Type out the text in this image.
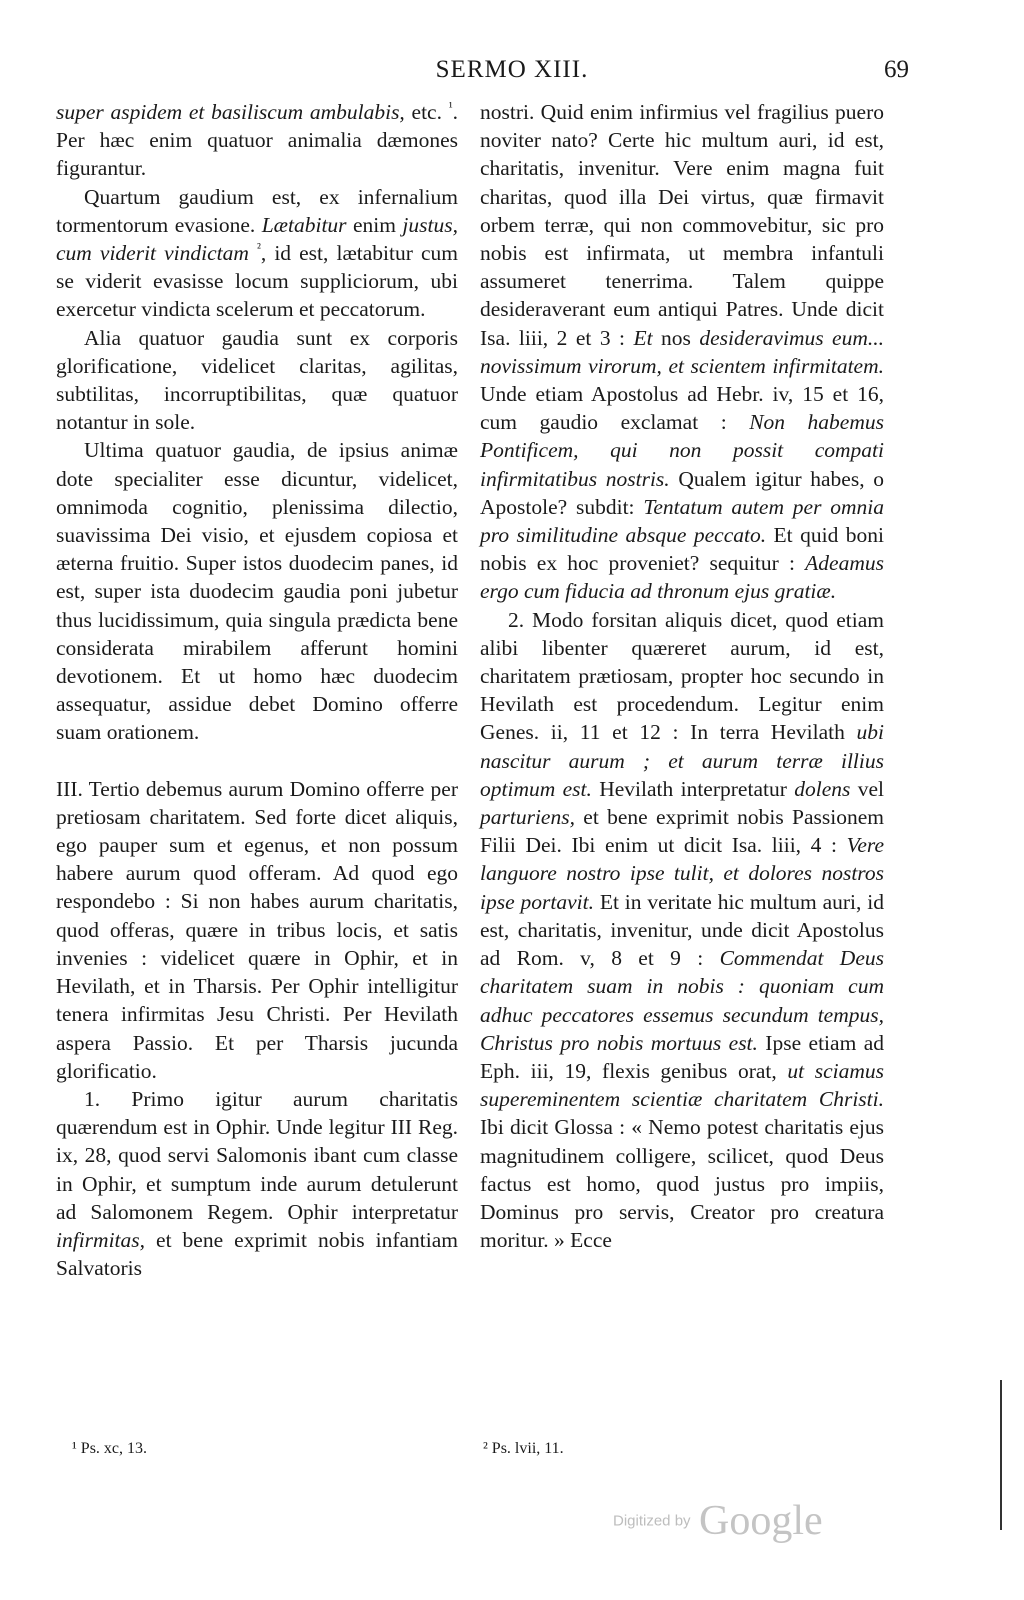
SERMO XIII.	69

super aspidem et basiliscum ambulabis, etc. $^{^1}$. Per hæc enim quatuor animalia dæmones figurantur.

Quartum gaudium est, ex infernalium tormentorum evasione. Lætabitur enim justus, cum viderit vindictam $^{^2}$, id est, lætabitur cum se viderit evasisse locum suppliciorum, ubi exercetur vindicta scelerum et peccatorum.

Alia quatuor gaudia sunt ex corporis glorificatione, videlicet claritas, agilitas, subtilitas, incorruptibilitas, quæ quatuor notantur in sole.

Ultima quatuor gaudia, de ipsius animæ dote specialiter esse dicuntur, videlicet, omnimoda cognitio, plenissima dilectio, suavissima Dei visio, et ejusdem copiosa et æterna fruitio. Super istos duodecim panes, id est, super ista duodecim gaudia poni jubetur thus lucidissimum, quia singula prædicta bene considerata mirabilem afferunt homini devotionem. Et ut homo hæc duodecim assequatur, assidue debet Domino offerre suam orationem.

III. Tertio debemus aurum Domino offerre per pretiosam charitatem. Sed forte dicet aliquis, ego pauper sum et egenus, et non possum habere aurum quod offeram. Ad quod ego respondebo : Si non habes aurum charitatis, quod offeras, quære in tribus locis, et satis invenies : videlicet quære in Ophir, et in Hevilath, et in Tharsis. Per Ophir intelligitur tenera infirmitas Jesu Christi. Per Hevilath aspera Passio. Et per Tharsis jucunda glorificatio.

1. Primo igitur aurum charitatis quærendum est in Ophir. Unde legitur III Reg. ix, 28, quod servi Salomonis ibant cum classe in Ophir, et sumptum inde aurum detulerunt ad Salomonem Regem. Ophir interpretatur infirmitas, et bene exprimit nobis infantiam Salvatoris

nostri. Quid enim infirmius vel fragilius puero noviter nato? Certe hic multum auri, id est, charitatis, invenitur. Vere enim magna fuit charitas, quod illa Dei virtus, quæ firmavit orbem terræ, qui non commovebitur, sic pro nobis est infirmata, ut membra infantuli assumeret tenerrima. Talem quippe desideraverant eum antiqui Patres. Unde dicit Isa. liii, 2 et 3 : Et nos desideravimus eum... novissimum virorum, et scientem infirmitatem. Unde etiam Apostolus ad Hebr. iv, 15 et 16, cum gaudio exclamat : Non habemus Pontificem, qui non possit compati infirmitatibus nostris. Qualem igitur habes, o Apostole? subdit: Tentatum autem per omnia pro similitudine absque peccato. Et quid boni nobis ex hoc proveniet? sequitur : Adeamus ergo cum fiducia ad thronum ejus gratiæ.

2. Modo forsitan aliquis dicet, quod etiam alibi libenter quæreret aurum, id est, charitatem prætiosam, propter hoc secundo in Hevilath est procedendum. Legitur enim Genes. ii, 11 et 12 : In terra Hevilath ubi nascitur aurum ; et aurum terræ illius optimum est. Hevilath interpretatur dolens vel parturiens, et bene exprimit nobis Passionem Filii Dei. Ibi enim ut dicit Isa. liii, 4 : Vere languore nostro ipse tulit, et dolores nostros ipse portavit. Et in veritate hic multum auri, id est, charitatis, invenitur, unde dicit Apostolus ad Rom. v, 8 et 9 : Commendat Deus charitatem suam in nobis : quoniam cum adhuc peccatores essemus secundum tempus, Christus pro nobis mortuus est. Ipse etiam ad Eph. iii, 19, flexis genibus orat, ut sciamus supereminentem scientiæ charitatem Christi. Ibi dicit Glossa : « Nemo potest charitatis ejus magnitudinem colligere, scilicet, quod Deus factus est homo, quod justus pro impiis, Dominus pro servis, Creator pro creatura moritur. » Ecce

¹ Ps. xc, 13.	² Ps. lvii, 11.
Digitized by Google
